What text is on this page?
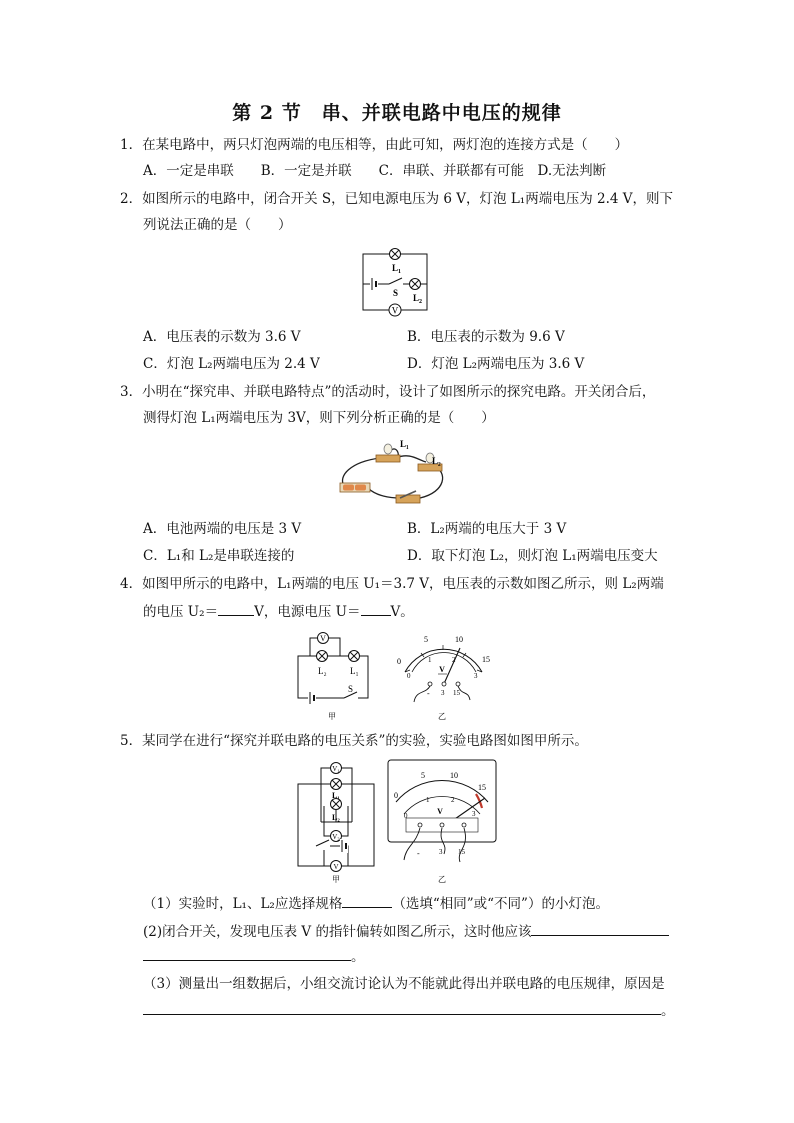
第 2 节　串、并联电路中电压的规律
1．在某电路中，两只灯泡两端的电压相等，由此可知，两灯泡的连接方式是（　　）
A．一定是串联　　B．一定是并联　　C．串联、并联都有可能　D.无法判断
2．如图所示的电路中，闭合开关 S，已知电源电压为 6 V，灯泡 L₁两端电压为 2.4 V，则下
列说法正确的是（　　）
V
$L_1$
S $L_2$
A．电压表的示数为 3.6 V	B．电压表的示数为 9.6 V
C．灯泡 L₂两端电压为 2.4 V	D．灯泡 L₂两端电压为 3.6 V
3．小明在“探究串、并联电路特点”的活动时，设计了如图所示的探究电路。开关闭合后，
测得灯泡 L₁两端电压为 3V，则下列分析正确的是（　　）
L₁
L₂
A．电池两端的电压是 3 V	B．L₂两端的电压大于 3 V
C．L₁和 L₂是串联连接的	D．取下灯泡 L₂，则灯泡 L₁两端电压变大
4．如图甲所示的电路中，L₁两端的电压 U₁＝3.7 V，电压表的示数如图乙所示，则 L₂两端
的电压 U₂＝	V，电源电压 U＝ V。
V
L₂	L₁
S
甲
0
5	10
15
0
1	2
3
V
- 3 15
乙
5．某同学在进行“探究并联电路的电压关系”的实验，实验电路图如图甲所示。
V₁
V₂
V
L₁
L₂
甲
0
5	10
15
0
1	2
3
V
-	3 15
乙
（1）实验时，L₁、L₂应选择规格	（选填“相同”或“不同”）的小灯泡。
(2)闭合开关，发现电压表 V 的指针偏转如图乙所示，这时他应该
。
（3）测量出一组数据后，小组交流讨论认为不能就此得出并联电路的电压规律，原因是
。
